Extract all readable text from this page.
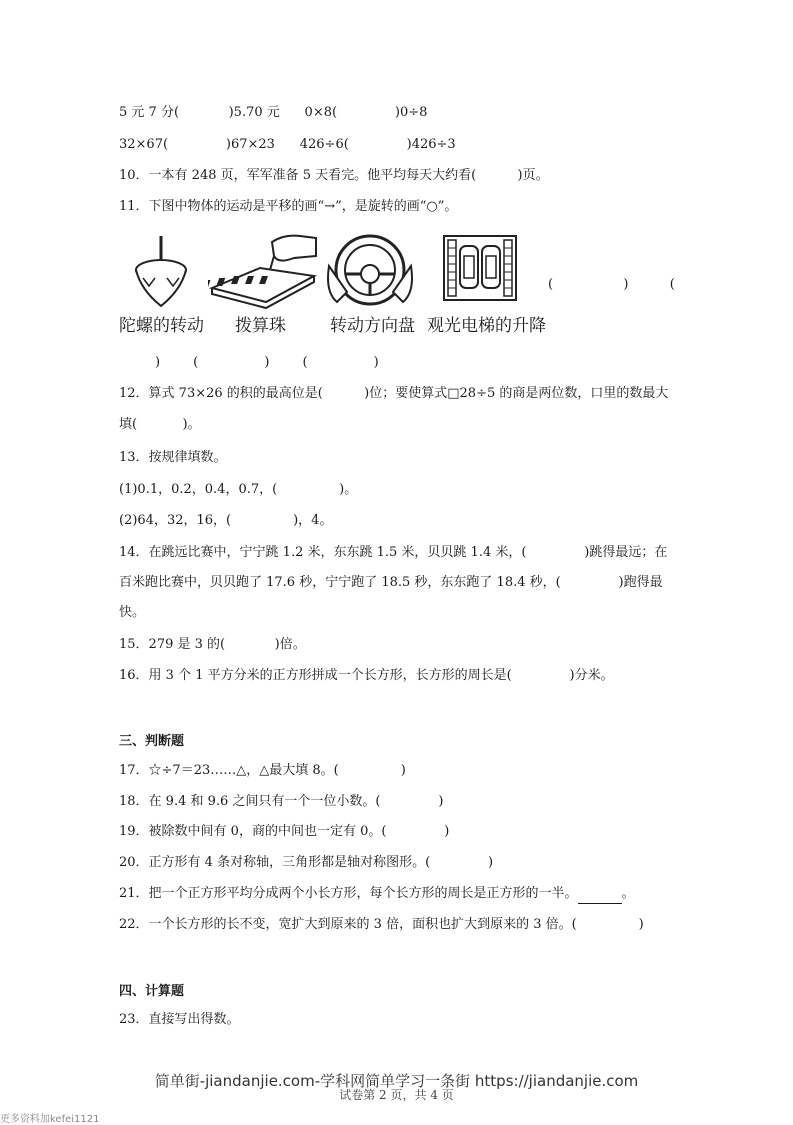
5 元 7 分(            )5.70 元      0×8(              )0÷8
32×67(              )67×23      426÷6(              )426÷3
10．一本有 248 页，军军准备 5 天看完。他平均每天大约看(          )页。
11．下图中物体的运动是平移的画“→”，是旋转的画“○”。
(                 )          (
陀螺的转动 拨算珠	转动方向盘 观光电梯的升降
)        (                )        (                )
12．算式 73×26 的积的最高位是(          )位；要使算式□28÷5 的商是两位数，口里的数最大
填(           )。
13．按规律填数。
(1)0.1，0.2，0.4，0.7，(               )。
(2)64，32，16，(               )，4。
14．在跳远比赛中，宁宁跳 1.2 米，东东跳 1.5 米，贝贝跳 1.4 米，(              )跳得最远；在
百米跑比赛中，贝贝跑了 17.6 秒，宁宁跑了 18.5 秒，东东跑了 18.4 秒，(              )跑得最
快。
15．279 是 3 的(            )倍。
16．用 3 个 1 平方分米的正方形拼成一个长方形，长方形的周长是(              )分米。
三、判断题
17．☆÷7＝23……△，△最大填 8。(               )
18．在 9.4 和 9.6 之间只有一个一位小数。(              )
19．被除数中间有 0，商的中间也一定有 0。(              )
20．正方形有 4 条对称轴，三角形都是轴对称图形。(              )
21．把一个正方形平均分成两个小长方形，每个长方形的周长是正方形的一半。	。
22．一个长方形的长不变，宽扩大到原来的 3 倍，面积也扩大到原来的 3 倍。(               )
四、计算题
23．直接写出得数。
简单街-jiandanjie.com-学科网简单学习一条街 https://jiandanjie.com
试卷第 2 页，共 4 页
更多资料加kefei1121
